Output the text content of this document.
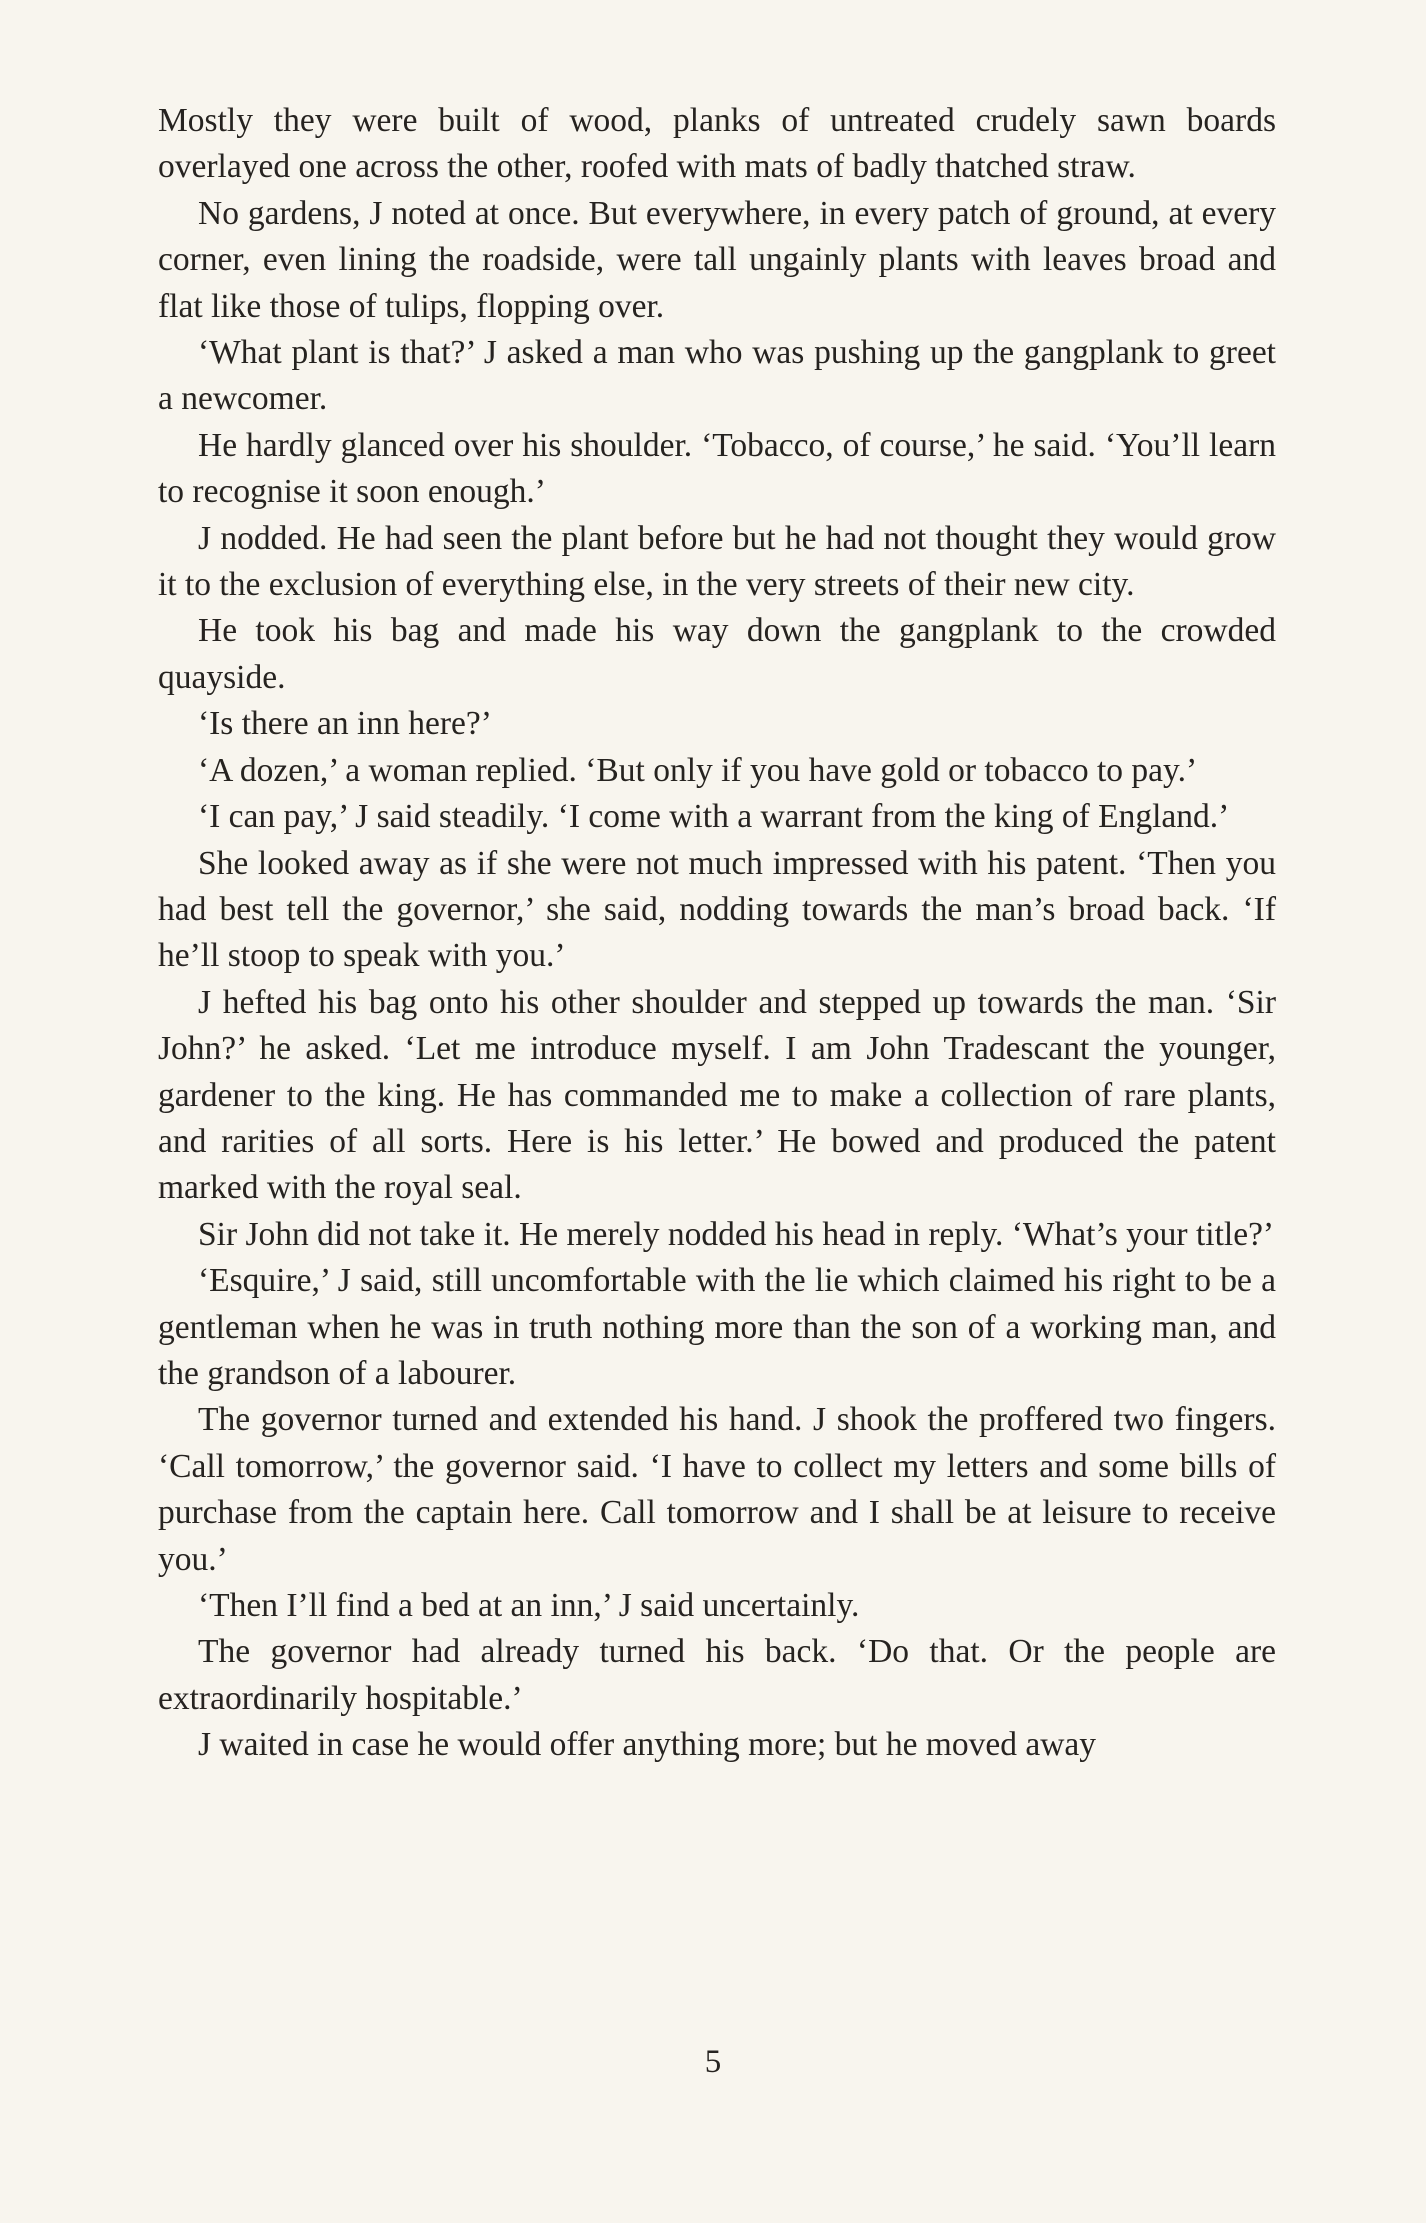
Mostly they were built of wood, planks of untreated crudely sawn boards overlayed one across the other, roofed with mats of badly thatched straw.

No gardens, J noted at once. But everywhere, in every patch of ground, at every corner, even lining the roadside, were tall ungainly plants with leaves broad and flat like those of tulips, flopping over.

‘What plant is that?’ J asked a man who was pushing up the gangplank to greet a newcomer.

He hardly glanced over his shoulder. ‘Tobacco, of course,’ he said. ‘You’ll learn to recognise it soon enough.’

J nodded. He had seen the plant before but he had not thought they would grow it to the exclusion of everything else, in the very streets of their new city.

He took his bag and made his way down the gangplank to the crowded quayside.

‘Is there an inn here?’

‘A dozen,’ a woman replied. ‘But only if you have gold or tobacco to pay.’

‘I can pay,’ J said steadily. ‘I come with a warrant from the king of England.’

She looked away as if she were not much impressed with his patent. ‘Then you had best tell the governor,’ she said, nodding towards the man’s broad back. ‘If he’ll stoop to speak with you.’

J hefted his bag onto his other shoulder and stepped up towards the man. ‘Sir John?’ he asked. ‘Let me introduce myself. I am John Tradescant the younger, gardener to the king. He has commanded me to make a collection of rare plants, and rarities of all sorts. Here is his letter.’ He bowed and produced the patent marked with the royal seal.

Sir John did not take it. He merely nodded his head in reply. ‘What’s your title?’

‘Esquire,’ J said, still uncomfortable with the lie which claimed his right to be a gentleman when he was in truth nothing more than the son of a working man, and the grandson of a labourer.

The governor turned and extended his hand. J shook the proffered two fingers. ‘Call tomorrow,’ the governor said. ‘I have to collect my letters and some bills of purchase from the captain here. Call tomorrow and I shall be at leisure to receive you.’

‘Then I’ll find a bed at an inn,’ J said uncertainly.

The governor had already turned his back. ‘Do that. Or the people are extraordinarily hospitable.’

J waited in case he would offer anything more; but he moved away

5
